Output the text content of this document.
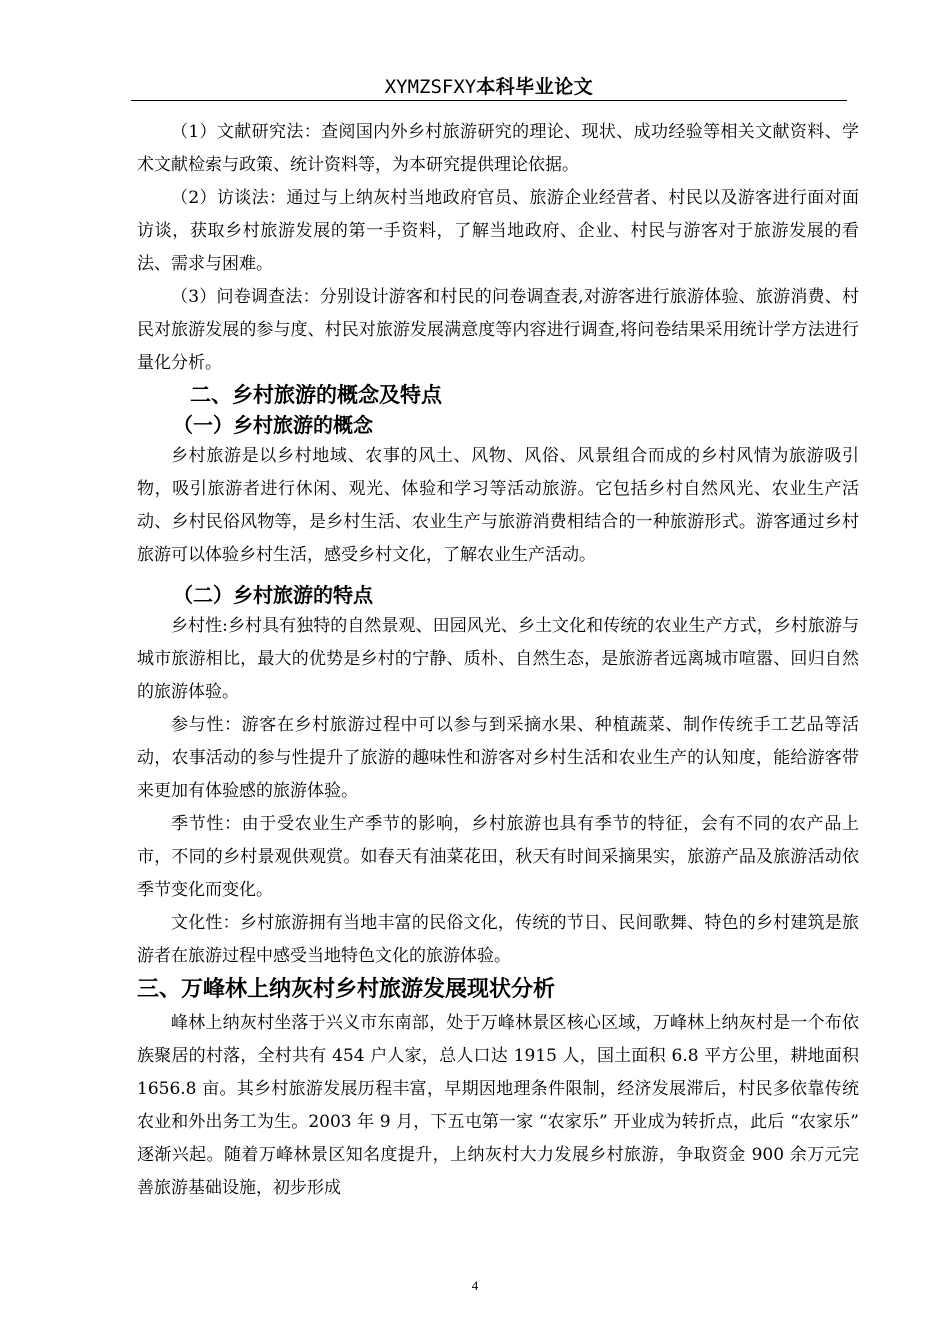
XYMZSFXY本科毕业论文

（1）文献研究法：查阅国内外乡村旅游研究的理论、现状、成功经验等相关文献资料、学术文献检索与政策、统计资料等，为本研究提供理论依据。

（2）访谈法：通过与上纳灰村当地政府官员、旅游企业经营者、村民以及游客进行面对面访谈，获取乡村旅游发展的第一手资料，了解当地政府、企业、村民与游客对于旅游发展的看法、需求与困难。

（3）问卷调查法：分别设计游客和村民的问卷调查表,对游客进行旅游体验、旅游消费、村民对旅游发展的参与度、村民对旅游发展满意度等内容进行调查,将问卷结果采用统计学方法进行量化分析。

二、乡村旅游的概念及特点
（一）乡村旅游的概念

乡村旅游是以乡村地域、农事的风土、风物、风俗、风景组合而成的乡村风情为旅游吸引物，吸引旅游者进行休闲、观光、体验和学习等活动旅游。它包括乡村自然风光、农业生产活动、乡村民俗风物等，是乡村生活、农业生产与旅游消费相结合的一种旅游形式。游客通过乡村旅游可以体验乡村生活，感受乡村文化，了解农业生产活动。

（二）乡村旅游的特点

乡村性:乡村具有独特的自然景观、田园风光、乡土文化和传统的农业生产方式，乡村旅游与城市旅游相比，最大的优势是乡村的宁静、质朴、自然生态，是旅游者远离城市喧嚣、回归自然的旅游体验。

参与性：游客在乡村旅游过程中可以参与到采摘水果、种植蔬菜、制作传统手工艺品等活动，农事活动的参与性提升了旅游的趣味性和游客对乡村生活和农业生产的认知度，能给游客带来更加有体验感的旅游体验。

季节性：由于受农业生产季节的影响，乡村旅游也具有季节的特征，会有不同的农产品上市，不同的乡村景观供观赏。如春天有油菜花田，秋天有时间采摘果实，旅游产品及旅游活动依季节变化而变化。

文化性：乡村旅游拥有当地丰富的民俗文化，传统的节日、民间歌舞、特色的乡村建筑是旅游者在旅游过程中感受当地特色文化的旅游体验。

三、万峰林上纳灰村乡村旅游发展现状分析

峰林上纳灰村坐落于兴义市东南部，处于万峰林景区核心区域，万峰林上纳灰村是一个布依族聚居的村落，全村共有 454 户人家，总人口达 1915 人，国土面积 6.8 平方公里，耕地面积 1656.8 亩。其乡村旅游发展历程丰富，早期因地理条件限制，经济发展滞后，村民多依靠传统农业和外出务工为生。2003 年 9 月，下五屯第一家 “农家乐” 开业成为转折点，此后 “农家乐” 逐渐兴起。随着万峰林景区知名度提升，上纳灰村大力发展乡村旅游，争取资金 900 余万元完善旅游基础设施，初步形成

4
